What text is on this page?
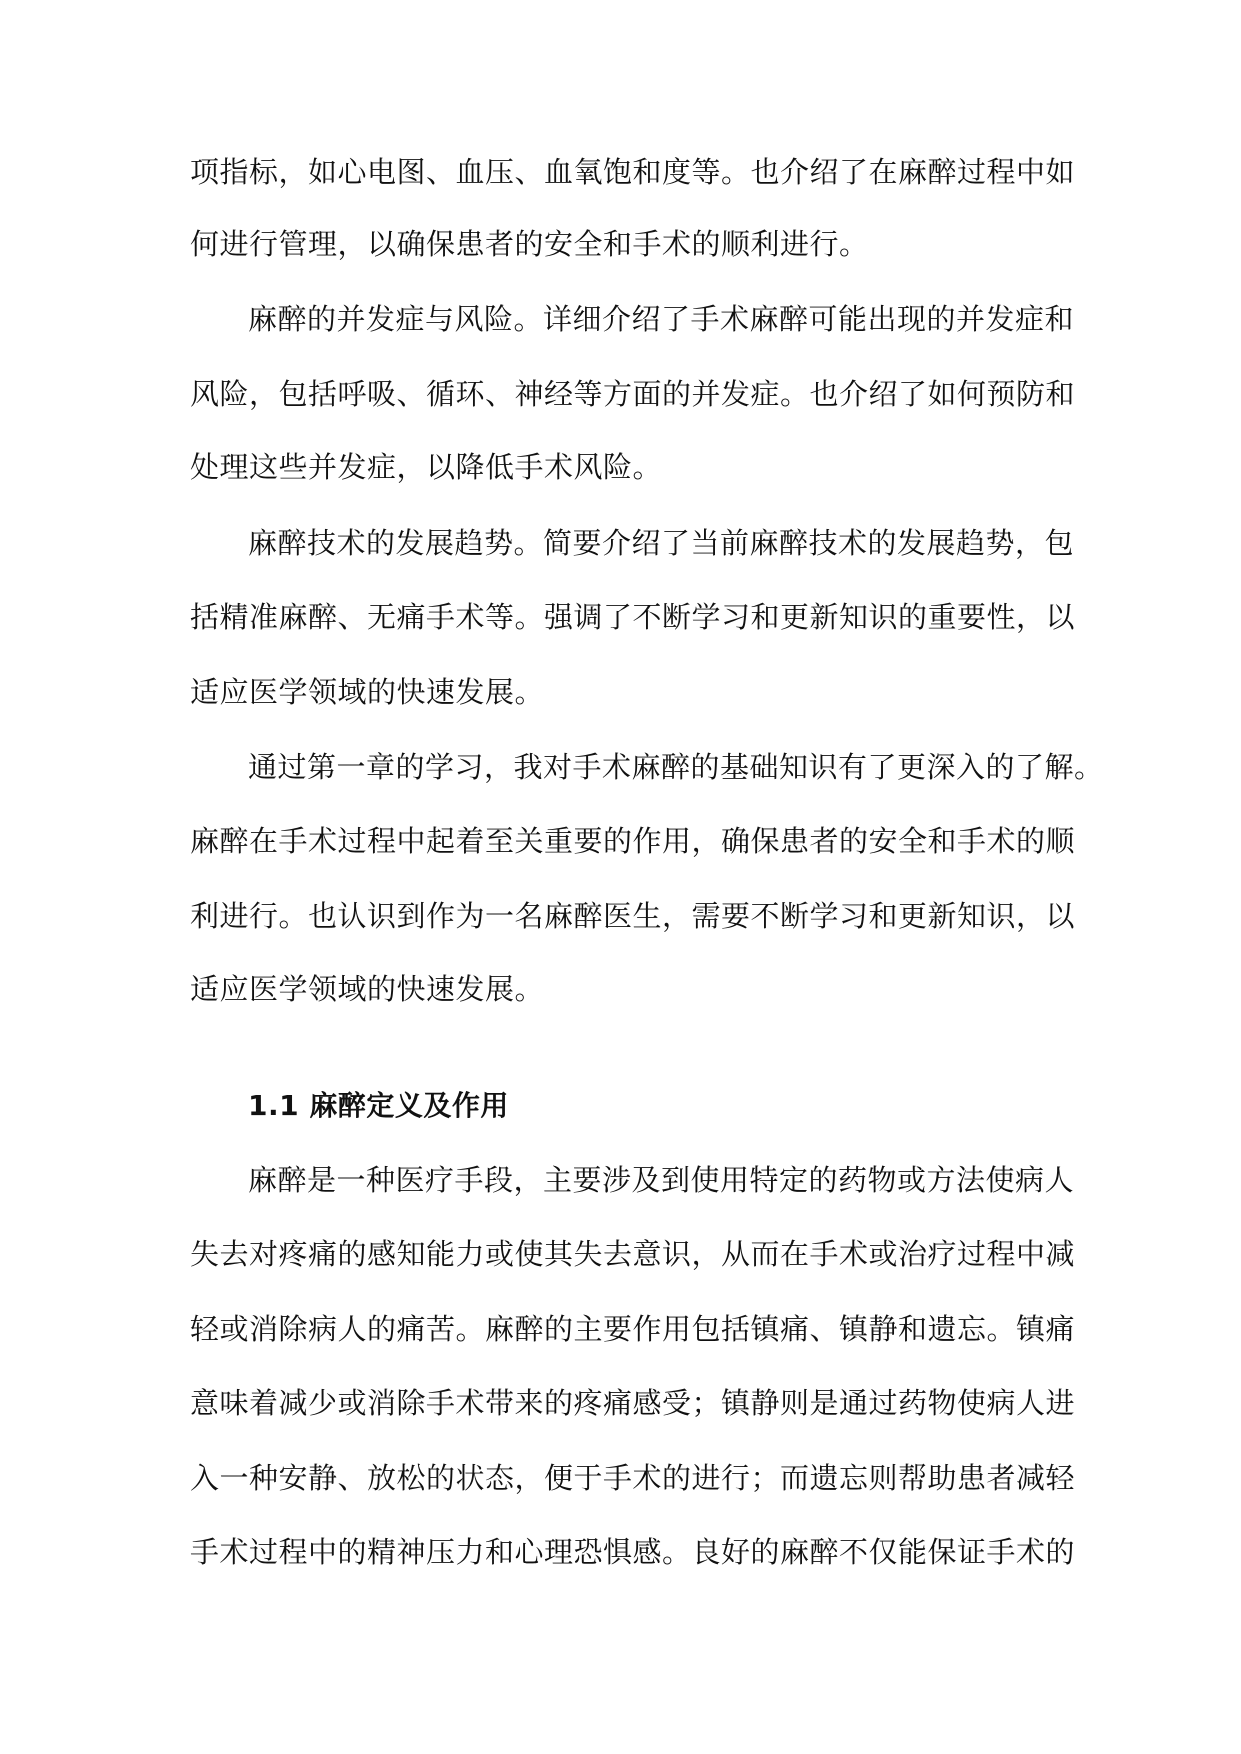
项指标，如心电图、血压、血氧饱和度等。也介绍了在麻醉过程中如

何进行管理，以确保患者的安全和手术的顺利进行。

麻醉的并发症与风险。详细介绍了手术麻醉可能出现的并发症和

风险，包括呼吸、循环、神经等方面的并发症。也介绍了如何预防和

处理这些并发症，以降低手术风险。

麻醉技术的发展趋势。简要介绍了当前麻醉技术的发展趋势，包

括精准麻醉、无痛手术等。强调了不断学习和更新知识的重要性，以

适应医学领域的快速发展。

通过第一章的学习，我对手术麻醉的基础知识有了更深入的了解。

麻醉在手术过程中起着至关重要的作用，确保患者的安全和手术的顺

利进行。也认识到作为一名麻醉医生，需要不断学习和更新知识，以

适应医学领域的快速发展。

1.1 麻醉定义及作用

麻醉是一种医疗手段，主要涉及到使用特定的药物或方法使病人

失去对疼痛的感知能力或使其失去意识，从而在手术或治疗过程中减

轻或消除病人的痛苦。麻醉的主要作用包括镇痛、镇静和遗忘。镇痛

意味着减少或消除手术带来的疼痛感受；镇静则是通过药物使病人进

入一种安静、放松的状态，便于手术的进行；而遗忘则帮助患者减轻

手术过程中的精神压力和心理恐惧感。良好的麻醉不仅能保证手术的
